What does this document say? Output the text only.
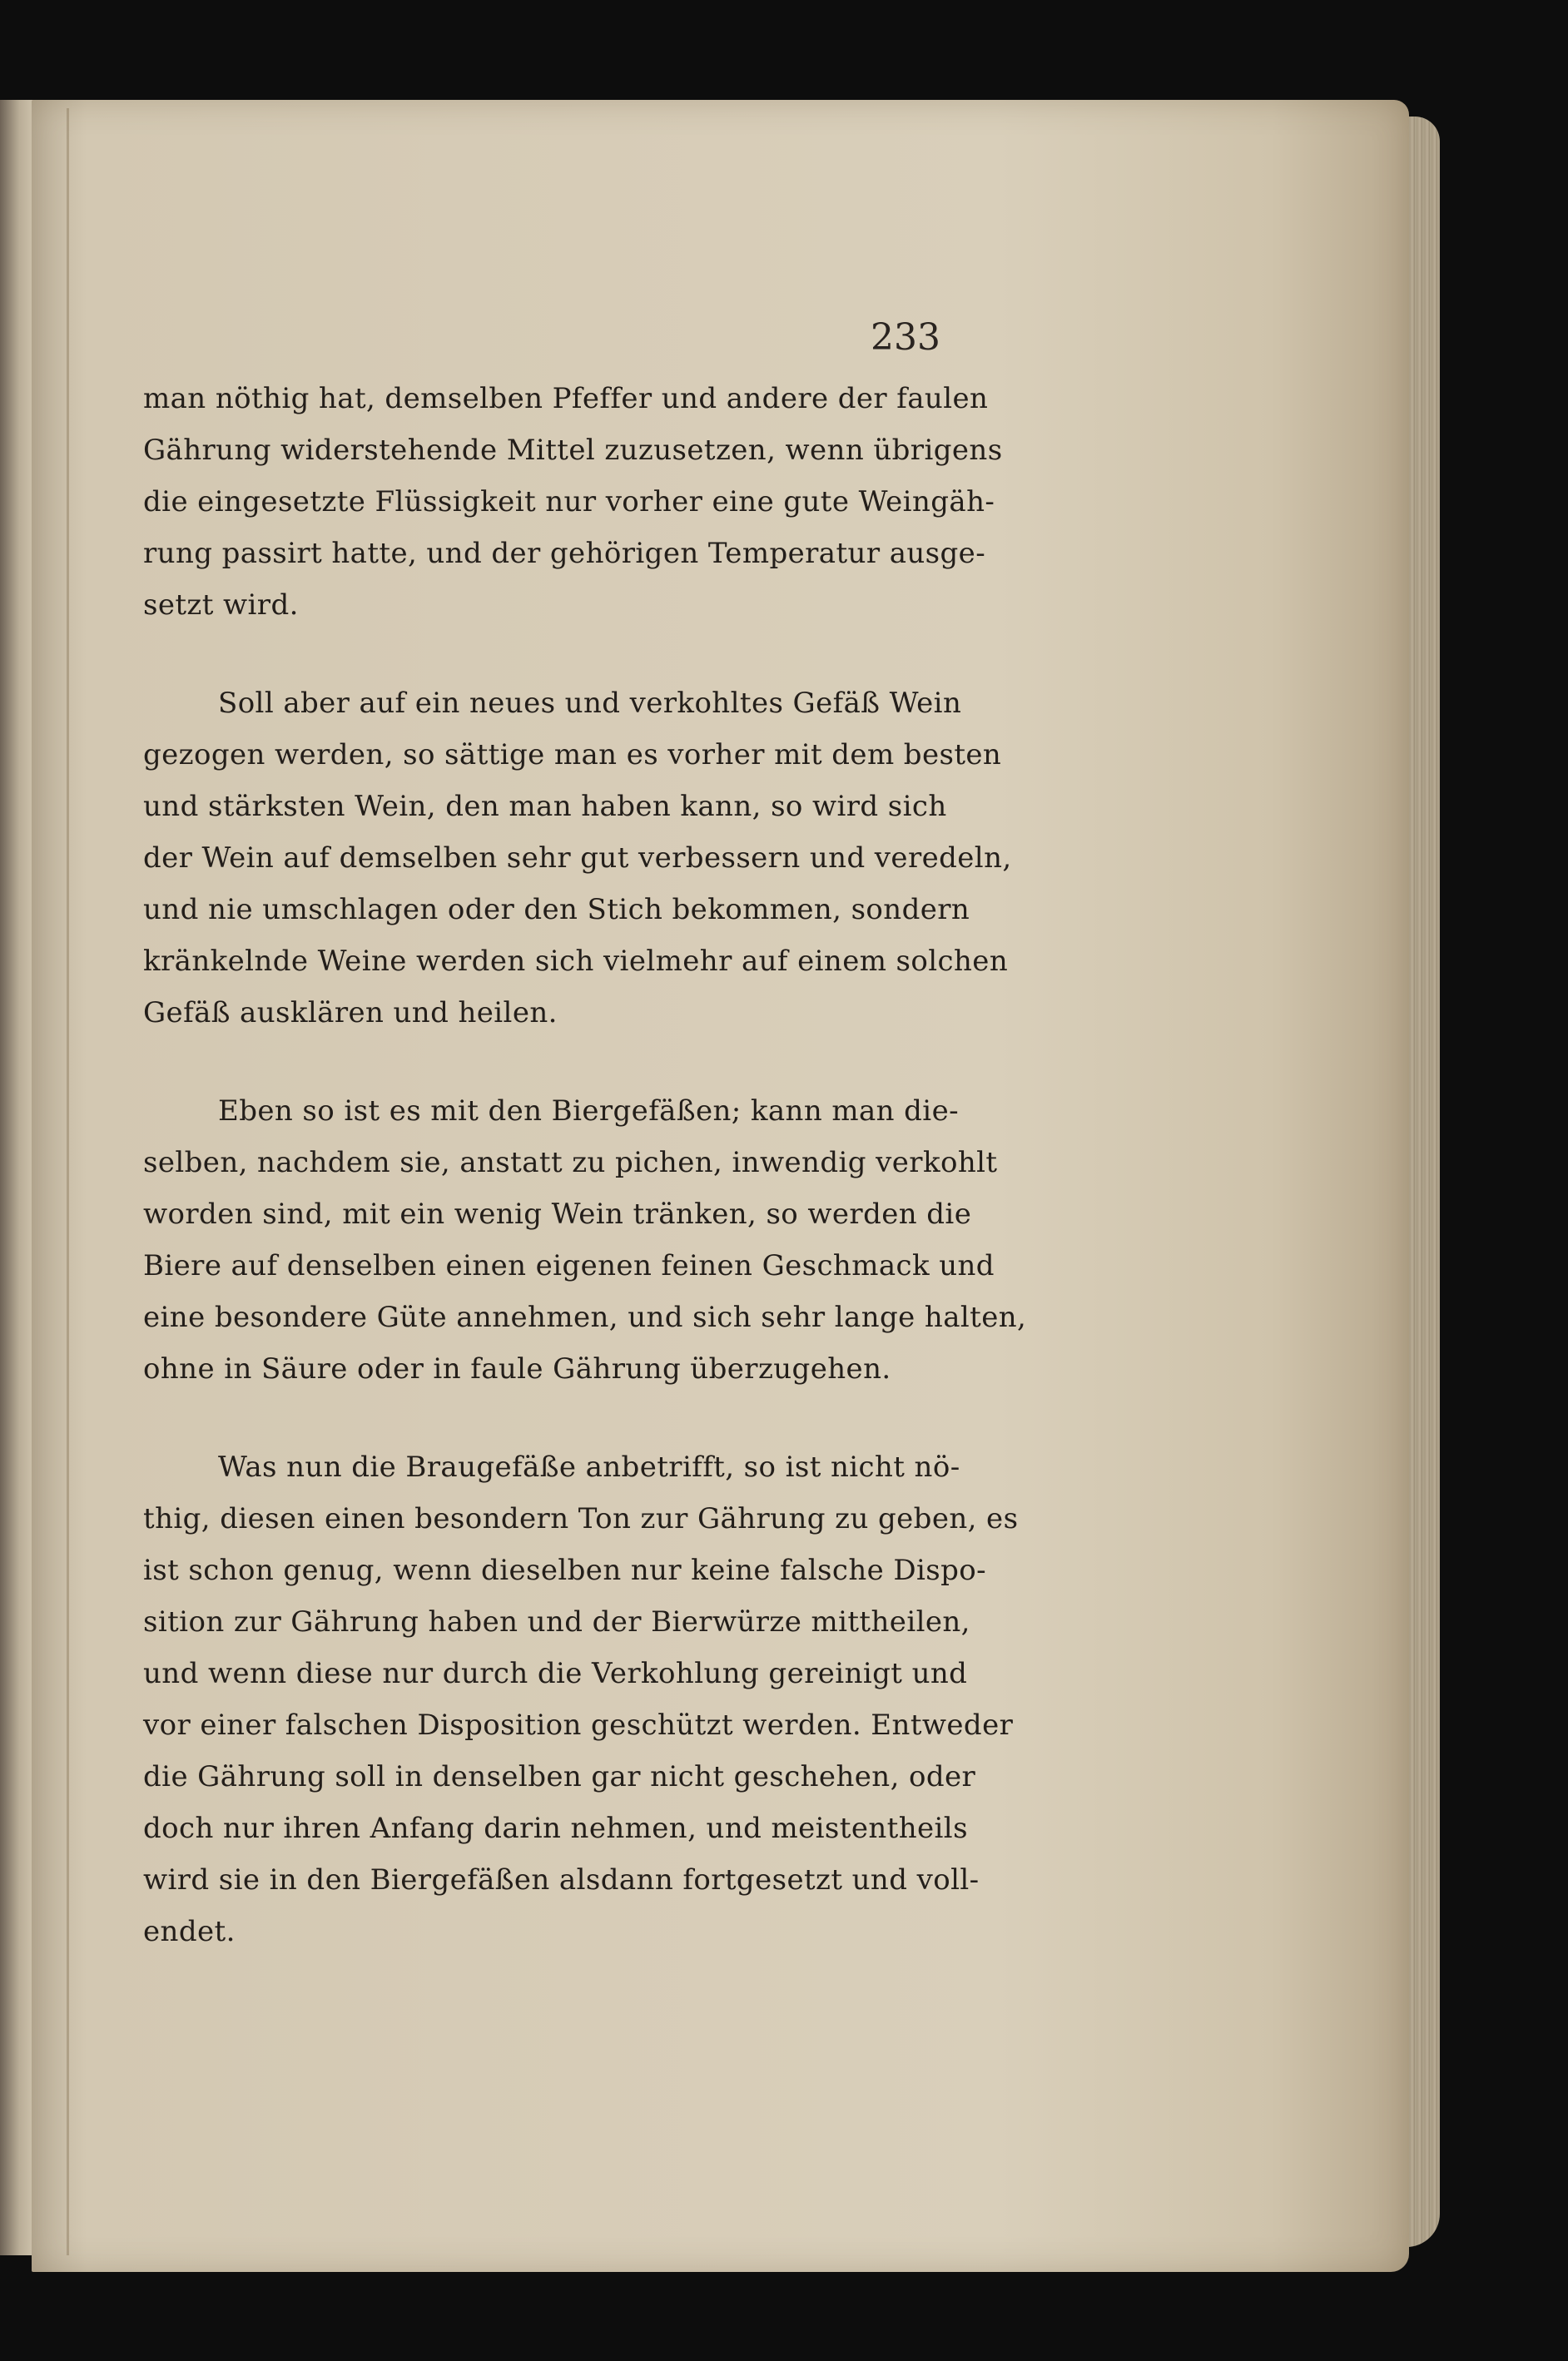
233
man nöthig hat, demselben Pfeffer und andere der faulen
Gährung widerstehende Mittel zuzusetzen, wenn übrigens
die eingesetzte Flüssigkeit nur vorher eine gute Weingäh-
rung passirt hatte, und der gehörigen Temperatur ausge-
setzt wird.
Soll aber auf ein neues und verkohltes Gefäß Wein
gezogen werden, so sättige man es vorher mit dem besten
und stärksten Wein, den man haben kann, so wird sich
der Wein auf demselben sehr gut verbessern und veredeln,
und nie umschlagen oder den Stich bekommen, sondern
kränkelnde Weine werden sich vielmehr auf einem solchen
Gefäß ausklären und heilen.
Eben so ist es mit den Biergefäßen; kann man die-
selben, nachdem sie, anstatt zu pichen, inwendig verkohlt
worden sind, mit ein wenig Wein tränken, so werden die
Biere auf denselben einen eigenen feinen Geschmack und
eine besondere Güte annehmen, und sich sehr lange halten,
ohne in Säure oder in faule Gährung überzugehen.
Was nun die Braugefäße anbetrifft, so ist nicht nö-
thig, diesen einen besondern Ton zur Gährung zu geben, es
ist schon genug, wenn dieselben nur keine falsche Dispo-
sition zur Gährung haben und der Bierwürze mittheilen,
und wenn diese nur durch die Verkohlung gereinigt und
vor einer falschen Disposition geschützt werden. Entweder
die Gährung soll in denselben gar nicht geschehen, oder
doch nur ihren Anfang darin nehmen, und meistentheils
wird sie in den Biergefäßen alsdann fortgesetzt und voll-
endet.
